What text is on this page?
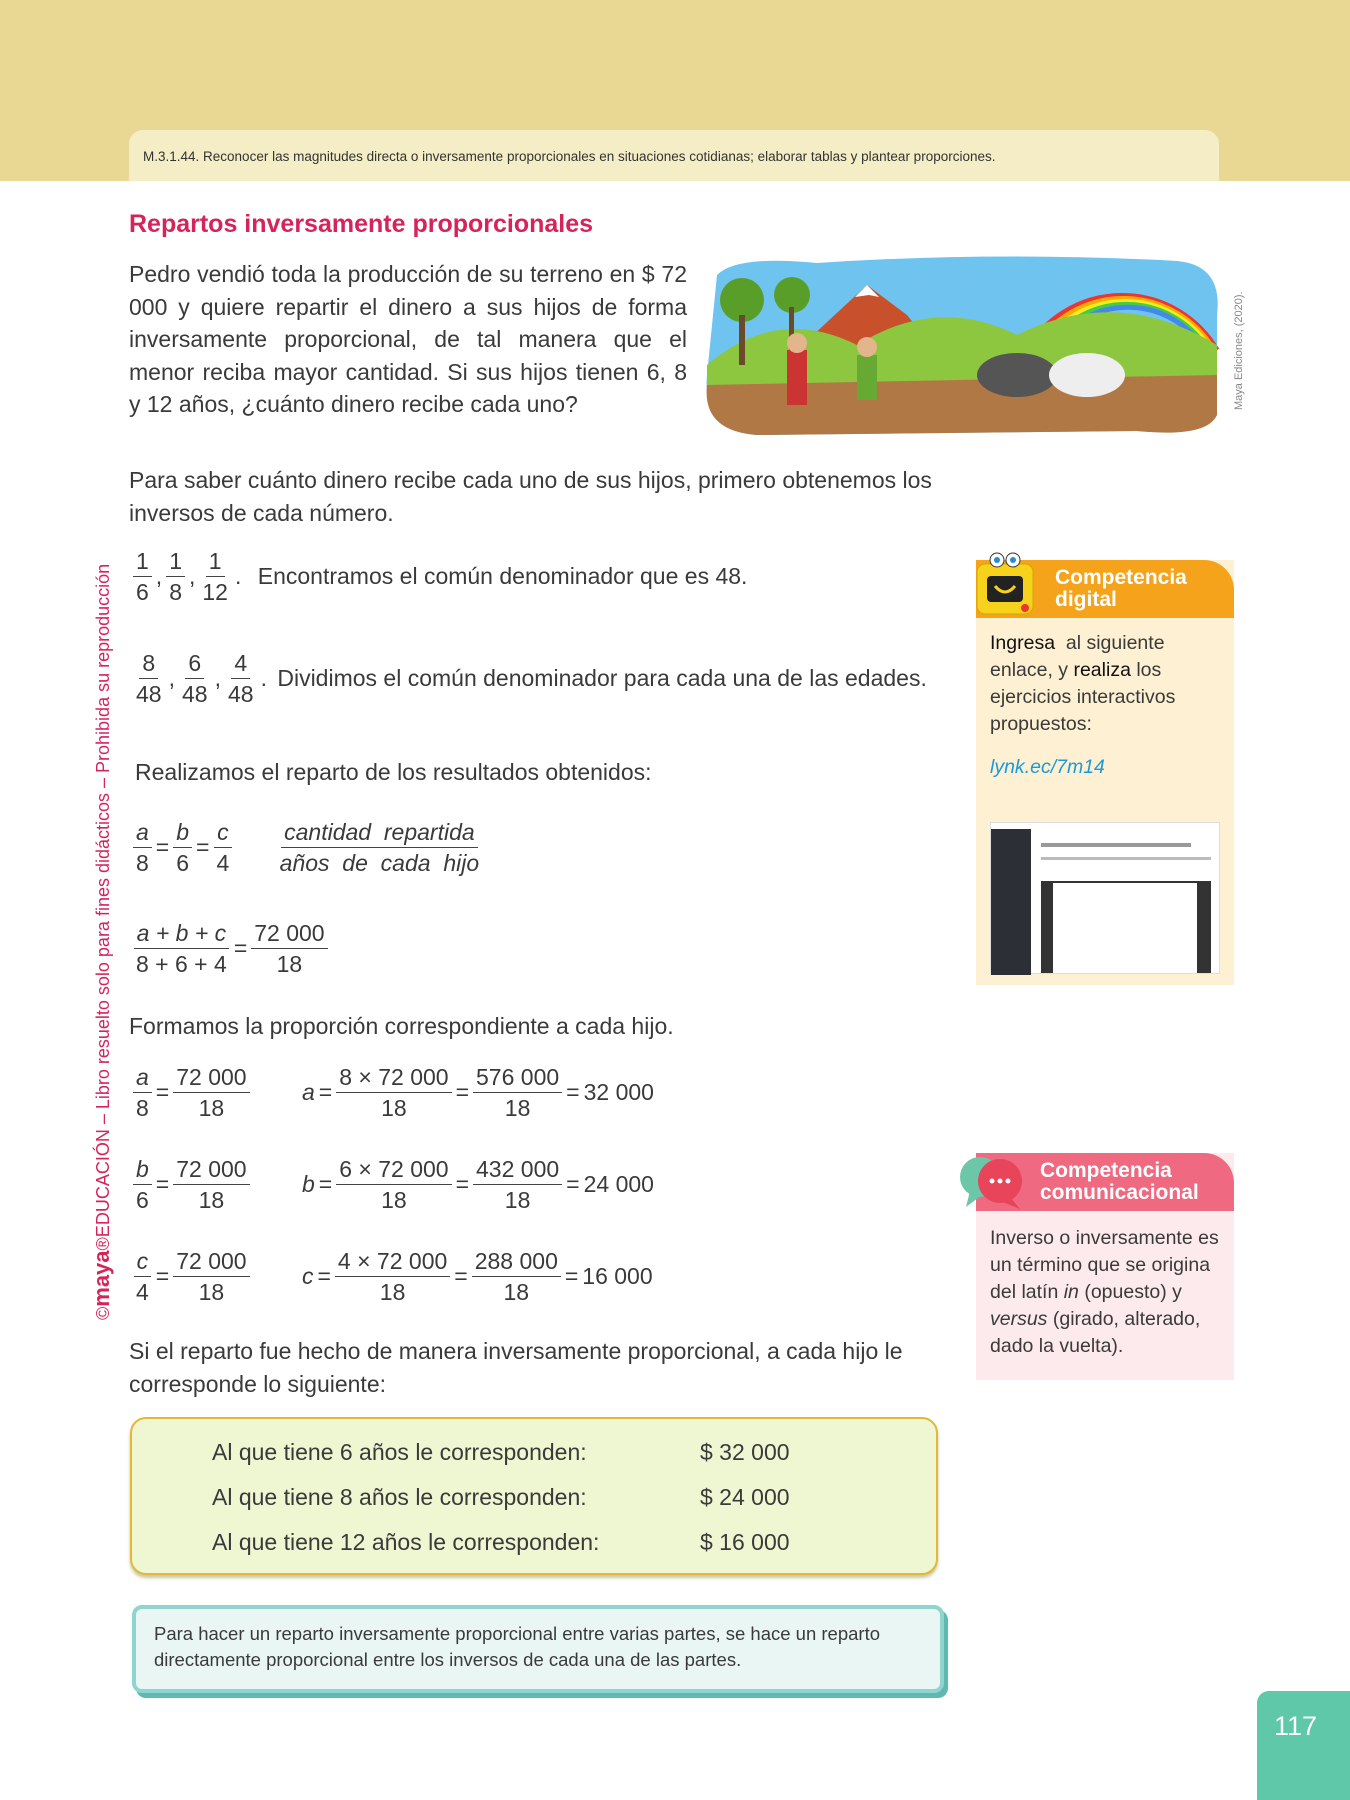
M.3.1.44. Reconocer las magnitudes directa o inversamente proporcionales en situaciones cotidianas; elaborar tablas y plantear proporciones.
Repartos inversamente proporcionales
Pedro vendió toda la producción de su terreno en $ 72 000 y quiere repartir el dinero a sus hijos de forma inversamente proporcional, de tal manera que el menor reciba mayor cantidad. Si sus hijos tienen 6, 8 y 12 años, ¿cuánto dinero recibe cada uno?	Maya Ediciones, (2020).
©maya®EDUCACIÓN – Libro resuelto solo para fines didácticos – Prohibida su reproducción
Para saber cuánto dinero recibe cada uno de sus hijos, primero obtenemos los inversos de cada número.
$\frac{1}{6}$ , $\frac{1}{8}$ , $\frac{1}{12}$ . Encontramos el común denominador que es 48.
$\frac{8}{48}$ , $\frac{6}{48}$ , $\frac{4}{48}$ . Dividimos el común denominador para cada una de las edades.
Realizamos el reparto de los resultados obtenidos:
$\frac{a}{8} = \frac{b}{6} = \frac{c}{4}$
$\frac{\text{cantidad  repartida}}{\text{años  de  cada  hijo}}$
$\frac{a + b + c}{8 + 6 + 4} = \frac{72 000}{18}$
Formamos la proporción correspondiente a cada hijo.
$\frac{a}{8} = \frac{72 000}{18}$ $a = \frac{8 \times 72 000}{18} = \frac{576 000}{18} = 32$ 000
$\frac{b}{6} = \frac{72 000}{18}$ $b = \frac{6 \times 72 000}{18} = \frac{432 000}{18} = 24$ 000
$\frac{c}{4} = \frac{72 000}{18}$ $c = \frac{4 \times 72 000}{18} = \frac{288 000}{18} = 16$ 000
Si el reparto fue hecho de manera inversamente proporcional, a cada hijo le corresponde lo siguiente:
Al que tiene 6 años le corresponden:	$ 32 000
Al que tiene 8 años le corresponden:	$ 24 000
Al que tiene 12 años le corresponden:	$ 16 000
Para hacer un reparto inversamente proporcional entre varias partes, se hace un reparto directamente proporcional entre los inversos de cada una de las partes.
Competencia
digital
Ingresa  al siguiente enlace, y realiza los ejercicios interactivos propuestos:
lynk.ec/7m14
Competencia
comunicacional
Inverso o inversamente es un término que se origina del latín in (opuesto) y versus (girado, alterado, dado la vuelta).
117
